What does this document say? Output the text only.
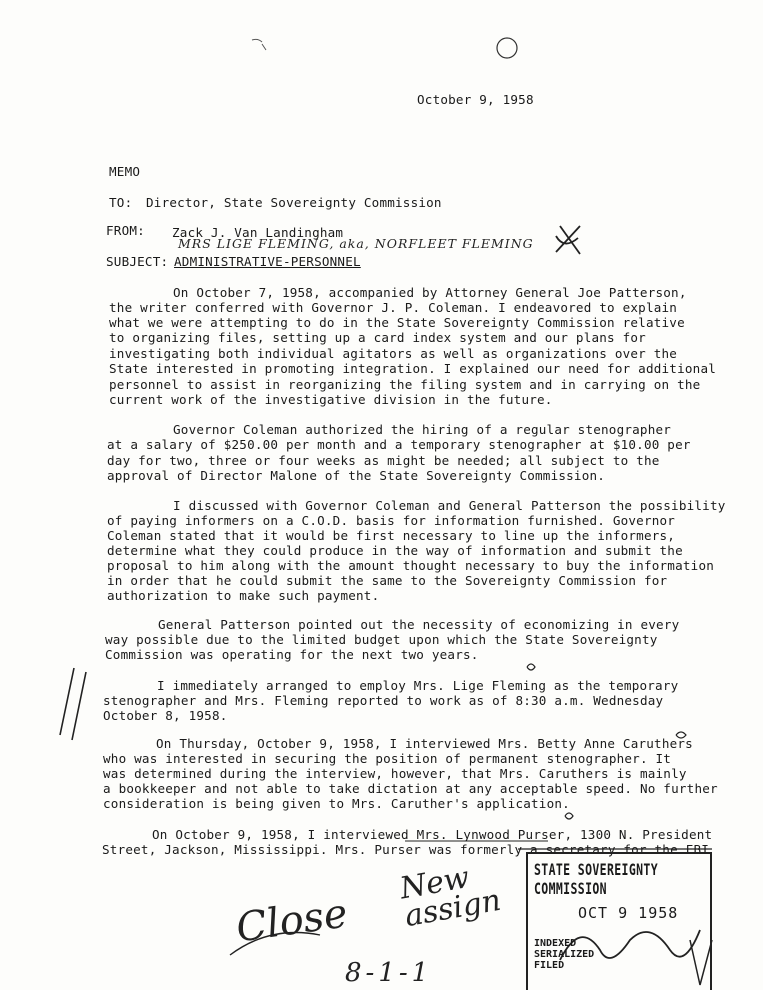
October 9, 1958
MEMO
TO: Director, State Sovereignty Commission
FROM: Zack J. Van Landingham
MRS LIGE FLEMING, aka, NORFLEET FLEMING
SUBJECT: ADMINISTRATIVE-PERSONNEL
On October 7, 1958, accompanied by Attorney General Joe Patterson,
the writer conferred with Governor J. P. Coleman. I endeavored to explain
what we were attempting to do in the State Sovereignty Commission relative
to organizing files, setting up a card index system and our plans for
investigating both individual agitators as well as organizations over the
State interested in promoting integration. I explained our need for additional
personnel to assist in reorganizing the filing system and in carrying on the
current work of the investigative division in the future.
Governor Coleman authorized the hiring of a regular stenographer
at a salary of $250.00 per month and a temporary stenographer at $10.00 per
day for two, three or four weeks as might be needed; all subject to the
approval of Director Malone of the State Sovereignty Commission.
I discussed with Governor Coleman and General Patterson the possibility
of paying informers on a C.O.D. basis for information furnished. Governor
Coleman stated that it would be first necessary to line up the informers,
determine what they could produce in the way of information and submit the
proposal to him along with the amount thought necessary to buy the information
in order that he could submit the same to the Sovereignty Commission for
authorization to make such payment.
General Patterson pointed out the necessity of economizing in every
way possible due to the limited budget upon which the State Sovereignty
Commission was operating for the next two years.
I immediately arranged to employ Mrs. Lige Fleming as the temporary
stenographer and Mrs. Fleming reported to work as of 8:30 a.m. Wednesday
October 8, 1958.
On Thursday, October 9, 1958, I interviewed Mrs. Betty Anne Caruthers
who was interested in securing the position of permanent stenographer. It
was determined during the interview, however, that Mrs. Caruthers is mainly
a bookkeeper and not able to take dictation at any acceptable speed. No further
consideration is being given to Mrs. Caruther's application.
On October 9, 1958, I interviewed Mrs. Lynwood Purser, 1300 N. President
Street, Jackson, Mississippi. Mrs. Purser was formerly a secretary for the FBI
STATE SOVEREIGNTY COMMISSION
OCT 9 1958
INDEXED
SERIALIZED
FILED
Close
New assign
8-1-1
